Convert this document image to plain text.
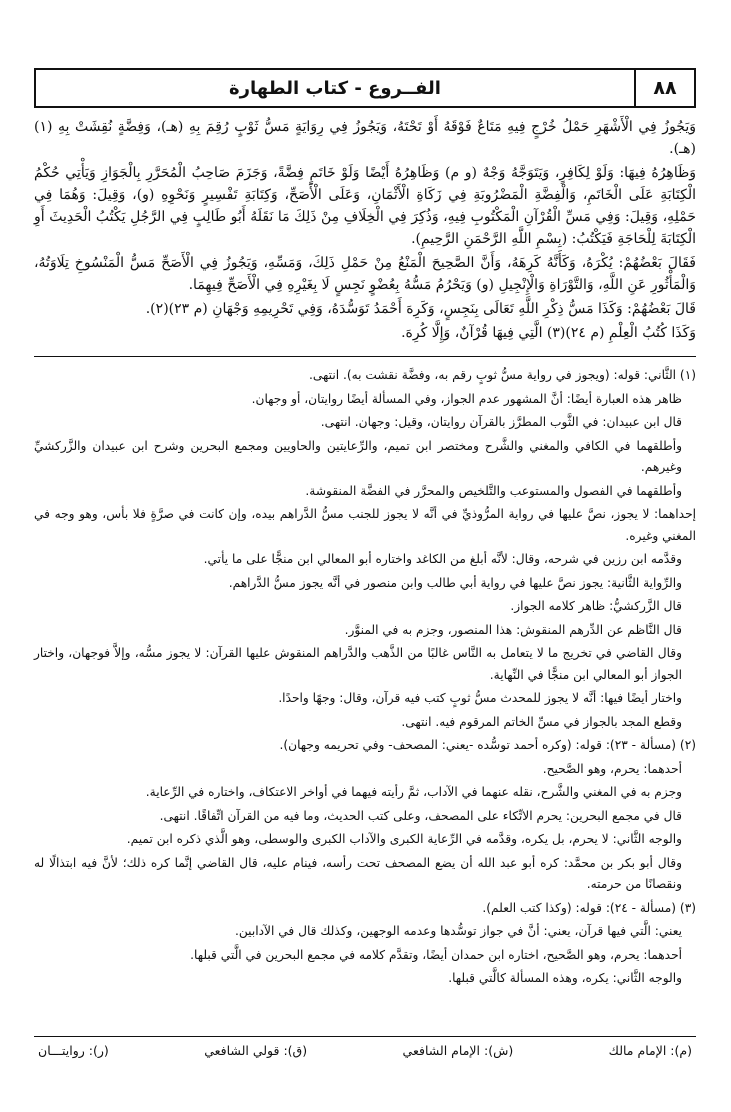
٨٨
الفــروع - كتاب الطهارة

وَيَجُوزُ فِي الْأَشْهَرِ حَمْلُ خُرْجٍ فِيهِ مَتَاعٌ فَوْقَهُ أَوْ تَحْتَهُ، وَيَجُوزُ فِي رِوَايَةٍ مَسُّ ثَوْبٍ رُقِمَ بِهِ (هـ)، وَفِضَّةٍ نُقِشَتْ بِهِ (١) (هـ).

وَظَاهِرُهُ فِيهَا: وَلَوْ لِكَافِرٍ، وَيَتَوَجَّهُ وَجْهٌ (و م) وَظَاهِرُهُ أَيْضًا وَلَوْ خَاتَمٍ فِضَّةً، وَجَزَمَ صَاحِبُ الْمُحَرَّرِ بِالْجَوَازِ وَيَأْتِي حُكْمُ الْكِتَابَةِ عَلَى الْخَاتَمِ، وَالْفِضَّةِ الْمَضْرُوبَةِ فِي زَكَاةِ الْأَثْمَانِ، وَعَلَى الْأَصَحِّ، وَكِتَابَةِ تَفْسِيرٍ وَنَحْوِهِ (و)، وَقِيلَ: وَهُمَا فِي حَمْلِهِ، وَقِيلَ: وَفِي مَسِّ الْقُرْآنِ الْمَكْتُوبِ فِيهِ، وَذُكِرَ فِي الْخِلَافِ مِنْ ذَلِكَ مَا نَقَلَهُ أَبُو طَالِبٍ فِي الرَّجُلِ يَكْتُبُ الْحَدِيثَ أَوِ الْكِتَابَةَ لِلْحَاجَةِ فَيَكْتُبُ: (بِسْمِ اللَّهِ الرَّحْمَنِ الرَّحِيمِ).

فَقَالَ بَعْضُهُمْ: يُكْرَهُ، وَكَأَنَّهُ كَرِهَهُ، وَأَنَّ الصَّحِيحَ الْمَنْعُ مِنْ حَمْلِ ذَلِكَ، وَمَسِّهِ، وَيَجُوزُ فِي الْأَصَحِّ مَسُّ الْمَنْسُوخِ تِلَاوَتُهُ، وَالْمَأْثُورِ عَنِ اللَّهِ، وَالتَّوْرَاةِ وَالْإِنْجِيلِ (و) وَيَحْرُمُ مَسُّهُ بِعُضْوٍ نَجِسٍ لَا بِغَيْرِهِ فِي الْأَصَحِّ فِيهِمَا.

قَالَ بَعْضُهُمْ: وَكَذَا مَسُّ ذِكْرِ اللَّهِ تَعَالَى بِنَجِسٍ، وَكَرِهَ أَحْمَدُ تَوَسُّدَهُ، وَفِي تَحْرِيمِهِ وَجْهَانِ (م ٢٣)(٢).

وَكَذَا كُتُبُ الْعِلْمِ (م ٢٤)(٣) الَّتِي فِيهَا قُرْآنٌ، وَإِلَّا كُرِهَ.

(١) الثَّاني: قوله: (ويجوز في رواية مسُّ ثوبٍ رقم به، وفضَّة نقشت به). انتهى.

ظاهر هذه العبارة أيضًا: أنَّ المشهور عدم الجواز، وفي المسألة أيضًا روايتان، أو وجهان.

قال ابن عبيدان: في الثَّوب المطرَّز بالقرآن روايتان، وقيل: وجهان. انتهى.

وأطلقهما في الكافي والمغني والشَّرح ومختصر ابن تميم، والرِّعايتين والحاويين ومجمع البحرين وشرح ابن عبيدان والزَّركشيِّ وغيرهم.

وأطلقهما في الفصول والمستوعب والتَّلخيص والمحرَّر في الفضَّة المنقوشة.

إحداهما: لا يجوز، نصَّ عليها في رواية المرُّوذيِّ في أنَّه لا يجوز للجنب مسُّ الدَّراهم بيده، وإن كانت في صرَّةٍ فلا بأس، وهو وجه في المغني وغيره.

وقدَّمه ابن رزين في شرحه، وقال: لأنَّه أبلغ من الكاغد واختاره أبو المعالي ابن منجًّا على ما يأتي.

والرِّواية الثَّانية: يجوز نصَّ عليها في رواية أبي طالب وابن منصور في أنَّه يجوز مسُّ الدَّراهم.

قال الزَّركشيُّ: ظاهر كلامه الجواز.

قال النَّاظم عن الدِّرهم المنقوش: هذا المنصور، وجزم به في المنوَّر.

وقال القاضي في تخريج ما لا يتعامل به النَّاس غالبًا من الذَّهب والدَّراهم المنقوش عليها القرآن: لا يجوز مسُّه، وإلاَّ فوجهان، واختار الجواز أبو المعالي ابن منجًّا في النِّهاية.

واختار أيضًا فيها: أنَّه لا يجوز للمحدث مسُّ ثوبٍ كتب فيه قرآن، وقال: وجهًا واحدًا.

وقطع المجد بالجواز في مسِّ الخاتم المرقوم فيه. انتهى.

(٢) (مسألة - ٢٣): قوله: (وكره أحمد توسُّده -يعني: المصحف- وفي تحريمه وجهان).

أحدهما: يحرم، وهو الصَّحيح.

وجزم به في المغني والشَّرح، نقله عنهما في الآداب، ثمَّ رأيته فيهما في أواخر الاعتكاف، واختاره في الرِّعاية.

قال في مجمع البحرين: يحرم الاتِّكاء على المصحف، وعلى كتب الحديث، وما فيه من القرآن اتِّفاقًا. انتهى.

والوجه الثَّاني: لا يحرم، بل يكره، وقدَّمه في الرِّعاية الكبرى والآداب الكبرى والوسطى، وهو الَّذي ذكره ابن تميم.

وقال أبو بكر بن محمَّد: كره أبو عبد الله أن يضع المصحف تحت رأسه، فينام عليه، قال القاضي إنَّما كره ذلك؛ لأنَّ فيه ابتذالًا له ونقصانًا من حرمته.

(٣) (مسألة - ٢٤): قوله: (وكذا كتب العلم).

يعني: الَّتي فيها قرآن، يعني: أنَّ في جواز توسُّدها وعدمه الوجهين، وكذلك قال في الآدابين.

أحدهما: يحرم، وهو الصَّحيح، اختاره ابن حمدان أيضًا، وتقدَّم كلامه في مجمع البحرين في الَّتي قبلها.

والوجه الثَّاني: يكره، وهذه المسألة كالَّتي قبلها.

(م): الإمام مالك
(ش): الإمام الشافعي
(ق): قولي الشافعي
(ر): روايتـــان
